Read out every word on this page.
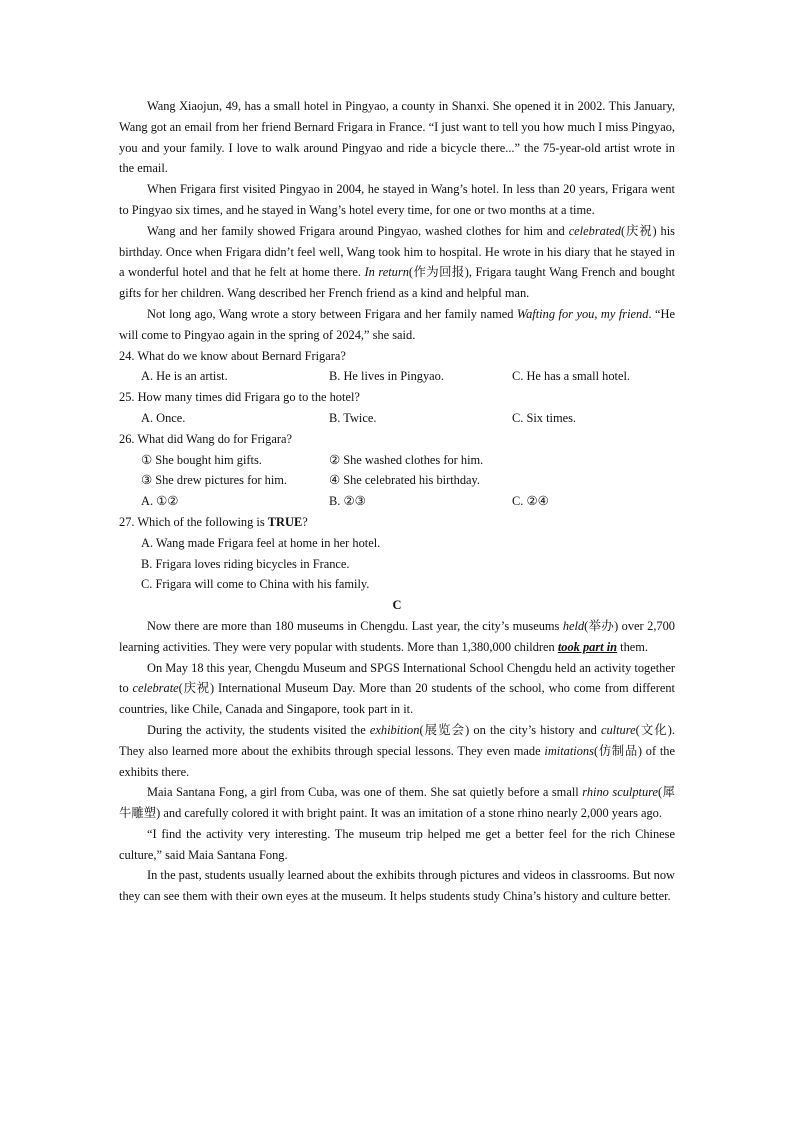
Wang Xiaojun, 49, has a small hotel in Pingyao, a county in Shanxi. She opened it in 2002. This January, Wang got an email from her friend Bernard Frigara in France. “I just want to tell you how much I miss Pingyao, you and your family. I love to walk around Pingyao and ride a bicycle there...” the 75-year-old artist wrote in the email.

When Frigara first visited Pingyao in 2004, he stayed in Wang’s hotel. In less than 20 years, Frigara went to Pingyao six times, and he stayed in Wang’s hotel every time, for one or two months at a time.

Wang and her family showed Frigara around Pingyao, washed clothes for him and celebrated(庆祝) his birthday. Once when Frigara didn’t feel well, Wang took him to hospital. He wrote in his diary that he stayed in a wonderful hotel and that he felt at home there. In return(作为回报), Frigara taught Wang French and bought gifts for her children. Wang described her French friend as a kind and helpful man.

Not long ago, Wang wrote a story between Frigara and her family named Wafting for you, my friend. “He will come to Pingyao again in the spring of 2024,” she said.

24. What do we know about Bernard Frigara?

A. He is an artist.	B. He lives in Pingyao.	C. He has a small hotel.

25. How many times did Frigara go to the hotel?

A. Once.	B. Twice.	C. Six times.

26. What did Wang do for Frigara?

① She bought him gifts.	② She washed clothes for him.
③ She drew pictures for him.	④ She celebrated his birthday.
A. ①②	B. ②③	C. ②④

27. Which of the following is TRUE?

A. Wang made Frigara feel at home in her hotel.

B. Frigara loves riding bicycles in France.

C. Frigara will come to China with his family.

C

Now there are more than 180 museums in Chengdu. Last year, the city’s museums held(举办) over 2,700 learning activities. They were very popular with students. More than 1,380,000 children took part in them.

On May 18 this year, Chengdu Museum and SPGS International School Chengdu held an activity together to celebrate(庆祝) International Museum Day. More than 20 students of the school, who come from different countries, like Chile, Canada and Singapore, took part in it.

During the activity, the students visited the exhibition(展览会) on the city’s history and culture(文化). They also learned more about the exhibits through special lessons. They even made imitations(仿制品) of the exhibits there.

Maia Santana Fong, a girl from Cuba, was one of them. She sat quietly before a small rhino sculpture(犀牛雕塑) and carefully colored it with bright paint. It was an imitation of a stone rhino nearly 2,000 years ago.

“I find the activity very interesting. The museum trip helped me get a better feel for the rich Chinese culture,” said Maia Santana Fong.

In the past, students usually learned about the exhibits through pictures and videos in classrooms. But now they can see them with their own eyes at the museum. It helps students study China’s history and culture better.
